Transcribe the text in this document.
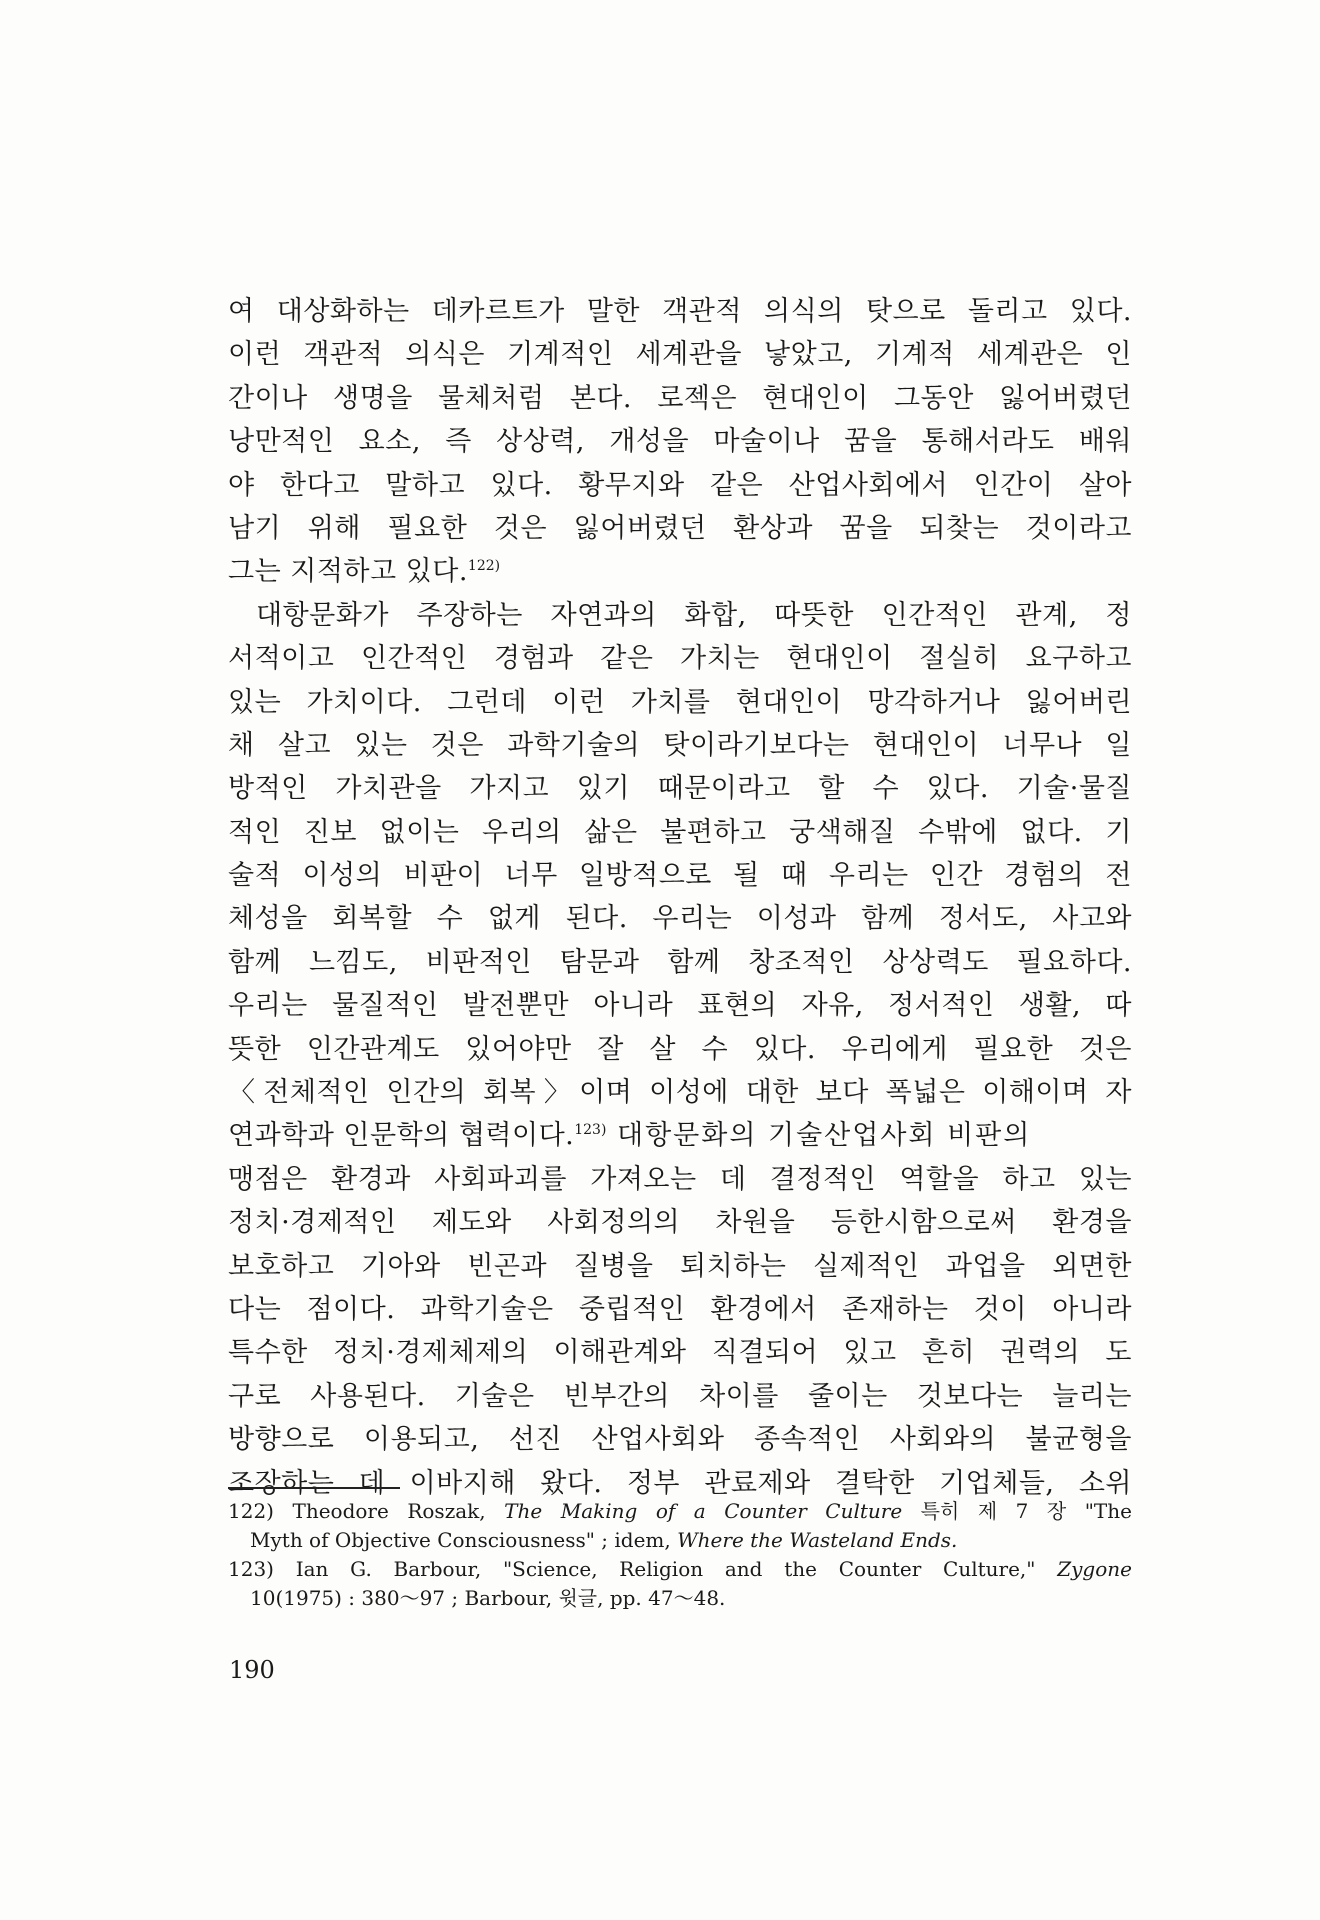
여 대상화하는 데카르트가 말한 객관적 의식의 탓으로 돌리고 있다.
이런 객관적 의식은 기계적인 세계관을 낳았고, 기계적 세계관은 인
간이나 생명을 물체처럼 본다. 로젝은 현대인이 그동안 잃어버렸던
낭만적인 요소, 즉 상상력, 개성을 마술이나 꿈을 통해서라도 배워
야 한다고 말하고 있다. 황무지와 같은 산업사회에서 인간이 살아
남기 위해 필요한 것은 잃어버렸던 환상과 꿈을 되찾는 것이라고
그는 지적하고 있다.$^{122)}$
대항문화가 주장하는 자연과의 화합, 따뜻한 인간적인 관계, 정
서적이고 인간적인 경험과 같은 가치는 현대인이 절실히 요구하고
있는 가치이다. 그런데 이런 가치를 현대인이 망각하거나 잃어버린
채 살고 있는 것은 과학기술의 탓이라기보다는 현대인이 너무나 일
방적인 가치관을 가지고 있기 때문이라고 할 수 있다. 기술·물질
적인 진보 없이는 우리의 삶은 불편하고 궁색해질 수밖에 없다. 기
술적 이성의 비판이 너무 일방적으로 될 때 우리는 인간 경험의 전
체성을 회복할 수 없게 된다. 우리는 이성과 함께 정서도, 사고와
함께 느낌도, 비판적인 탐문과 함께 창조적인 상상력도 필요하다.
우리는 물질적인 발전뿐만 아니라 표현의 자유, 정서적인 생활, 따
뜻한 인간관계도 있어야만 잘 살 수 있다. 우리에게 필요한 것은
〈전체적인 인간의 회복〉이며 이성에 대한 보다 폭넓은 이해이며 자
연과학과 인문학의 협력이다.$^{123)}$ 대항문화의 기술산업사회 비판의
맹점은 환경과 사회파괴를 가져오는 데 결정적인 역할을 하고 있는
정치·경제적인 제도와 사회정의의 차원을 등한시함으로써 환경을
보호하고 기아와 빈곤과 질병을 퇴치하는 실제적인 과업을 외면한
다는 점이다. 과학기술은 중립적인 환경에서 존재하는 것이 아니라
특수한 정치·경제체제의 이해관계와 직결되어 있고 흔히 권력의 도
구로 사용된다. 기술은 빈부간의 차이를 줄이는 것보다는 늘리는
방향으로 이용되고, 선진 산업사회와 종속적인 사회와의 불균형을
조장하는 데 이바지해 왔다. 정부 관료제와 결탁한 기업체들, 소위
122) Theodore Roszak, The Making of a Counter Culture 특히 제 7 장 "The
Myth of Objective Consciousness" ; idem, Where the Wasteland Ends.
123) Ian G. Barbour, "Science, Religion and the Counter Culture," Zygone
10(1975) : 380～97 ; Barbour, 윗글, pp. 47～48.
190
